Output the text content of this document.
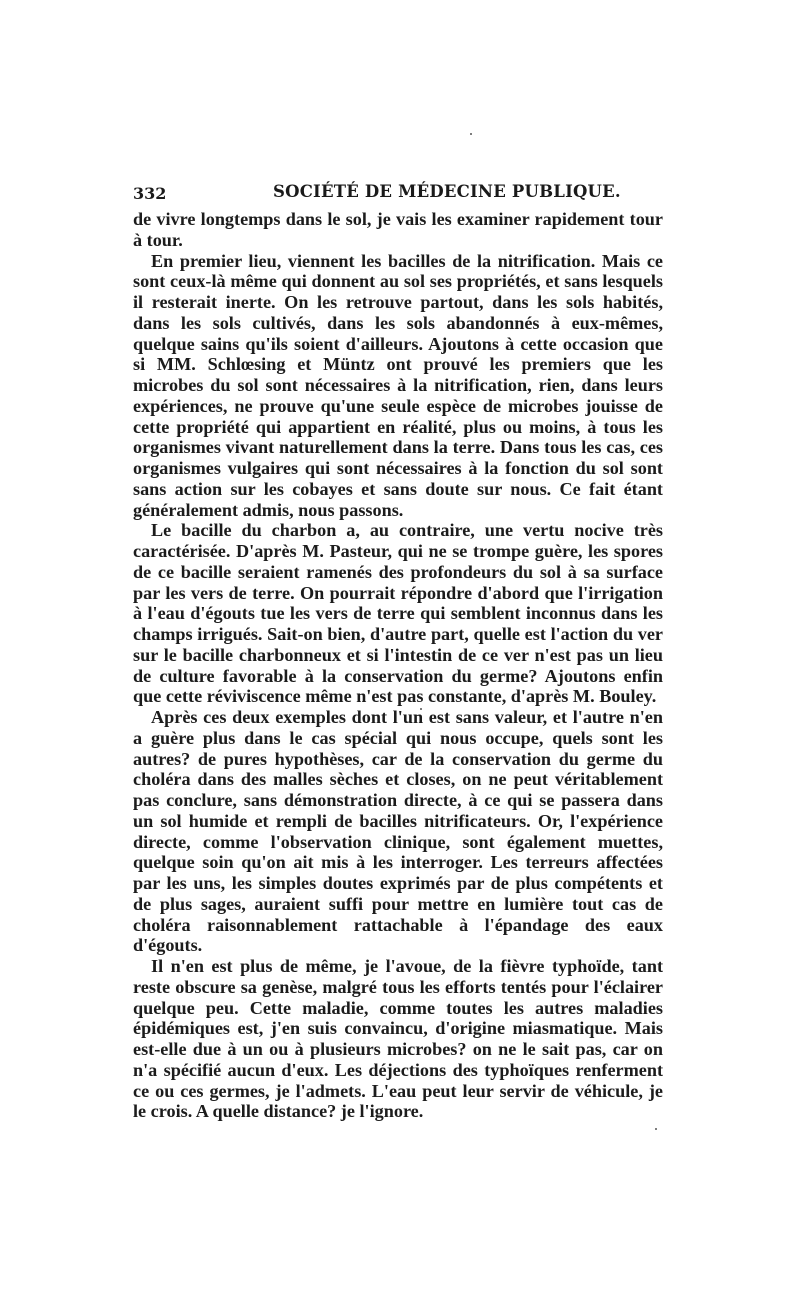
332	SOCIÉTÉ DE MÉDECINE PUBLIQUE.

de vivre longtemps dans le sol, je vais les examiner rapidement tour à tour.

En premier lieu, viennent les bacilles de la nitrification. Mais ce sont ceux-là même qui donnent au sol ses propriétés, et sans lesquels il resterait inerte. On les retrouve partout, dans les sols habités, dans les sols cultivés, dans les sols abandonnés à eux-mêmes, quelque sains qu'ils soient d'ailleurs. Ajoutons à cette occasion que si MM. Schlœsing et Müntz ont prouvé les premiers que les microbes du sol sont nécessaires à la nitrification, rien, dans leurs expériences, ne prouve qu'une seule espèce de microbes jouisse de cette propriété qui appartient en réalité, plus ou moins, à tous les organismes vivant naturellement dans la terre. Dans tous les cas, ces organismes vulgaires qui sont nécessaires à la fonction du sol sont sans action sur les cobayes et sans doute sur nous. Ce fait étant généralement admis, nous passons.

Le bacille du charbon a, au contraire, une vertu nocive très caractérisée. D'après M. Pasteur, qui ne se trompe guère, les spores de ce bacille seraient ramenés des profondeurs du sol à sa surface par les vers de terre. On pourrait répondre d'abord que l'irrigation à l'eau d'égouts tue les vers de terre qui semblent inconnus dans les champs irrigués. Sait-on bien, d'autre part, quelle est l'action du ver sur le bacille charbonneux et si l'intestin de ce ver n'est pas un lieu de culture favorable à la conservation du germe? Ajoutons enfin que cette réviviscence même n'est pas constante, d'après M. Bouley.

Après ces deux exemples dont l'un est sans valeur, et l'autre n'en a guère plus dans le cas spécial qui nous occupe, quels sont les autres? de pures hypothèses, car de la conservation du germe du choléra dans des malles sèches et closes, on ne peut véritablement pas conclure, sans démonstration directe, à ce qui se passera dans un sol humide et rempli de bacilles nitrificateurs. Or, l'expérience directe, comme l'observation clinique, sont également muettes, quelque soin qu'on ait mis à les interroger. Les terreurs affectées par les uns, les simples doutes exprimés par de plus compétents et de plus sages, auraient suffi pour mettre en lumière tout cas de choléra raisonnablement rattachable à l'épandage des eaux d'égouts.

Il n'en est plus de même, je l'avoue, de la fièvre typhoïde, tant reste obscure sa genèse, malgré tous les efforts tentés pour l'éclairer quelque peu. Cette maladie, comme toutes les autres maladies épidémiques est, j'en suis convaincu, d'origine miasmatique. Mais est-elle due à un ou à plusieurs microbes? on ne le sait pas, car on n'a spécifié aucun d'eux. Les déjections des typhoïques renferment ce ou ces germes, je l'admets. L'eau peut leur servir de véhicule, je le crois. A quelle distance? je l'ignore.
